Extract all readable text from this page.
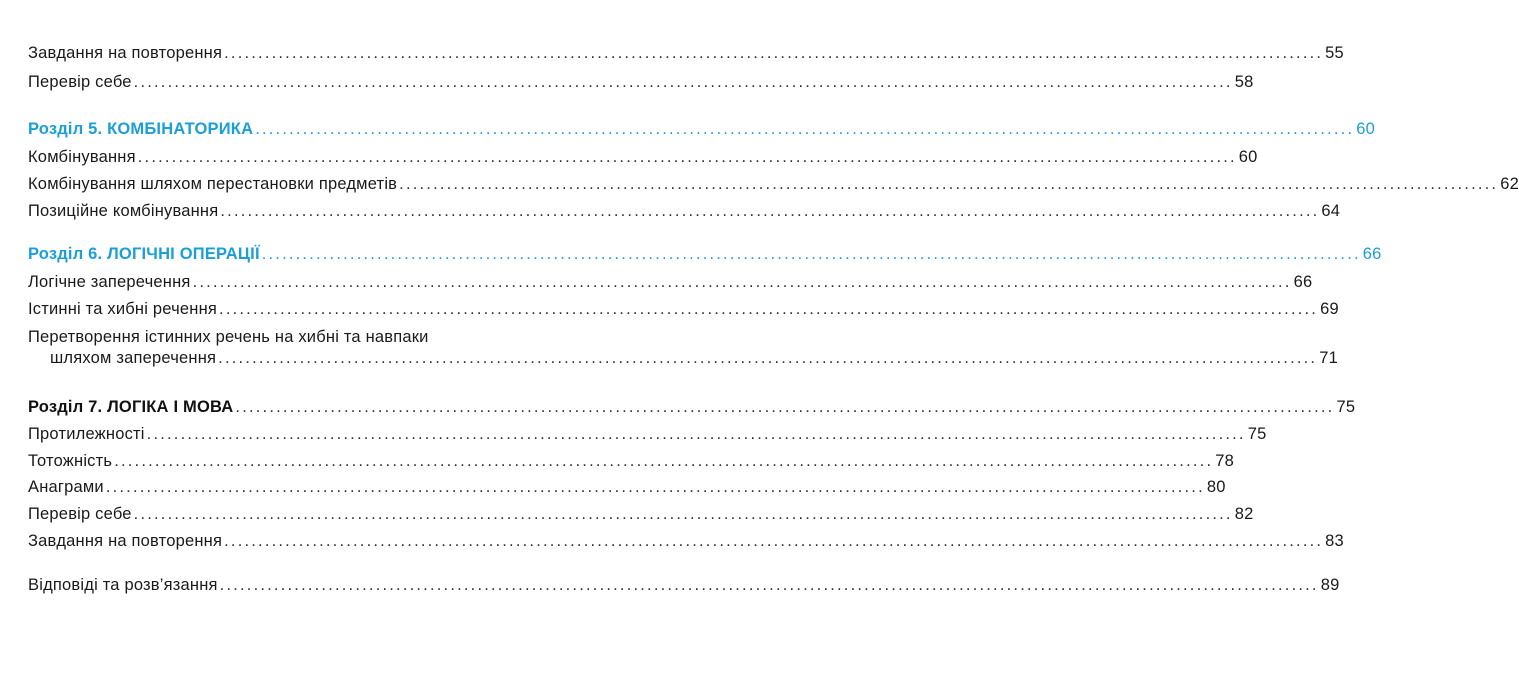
Завдання на повторення .................................................................................................................................................................. 55
Перевір себе .................................................................................................................................................................. 58
Розділ 5. КОМБІНАТОРИКА .................................................................................................................................................................. 60
Комбінування .................................................................................................................................................................. 60
Комбінування шляхом перестановки предметів .................................................................................................................................................................. 62
Позиційне комбінування .................................................................................................................................................................. 64
Розділ 6. ЛОГІЧНІ ОПЕРАЦІЇ .................................................................................................................................................................. 66
Логічне заперечення .................................................................................................................................................................. 66
Істинні та хибні речення .................................................................................................................................................................. 69
Перетворення істинних речень на хибні та навпаки
шляхом заперечення .................................................................................................................................................................. 71
Розділ 7. ЛОГІКА І МОВА .................................................................................................................................................................. 75
Протилежності .................................................................................................................................................................. 75
Тотожність .................................................................................................................................................................. 78
Анаграми .................................................................................................................................................................. 80
Перевір себе .................................................................................................................................................................. 82
Завдання на повторення .................................................................................................................................................................. 83
Відповіді та розв’язання .................................................................................................................................................................. 89
